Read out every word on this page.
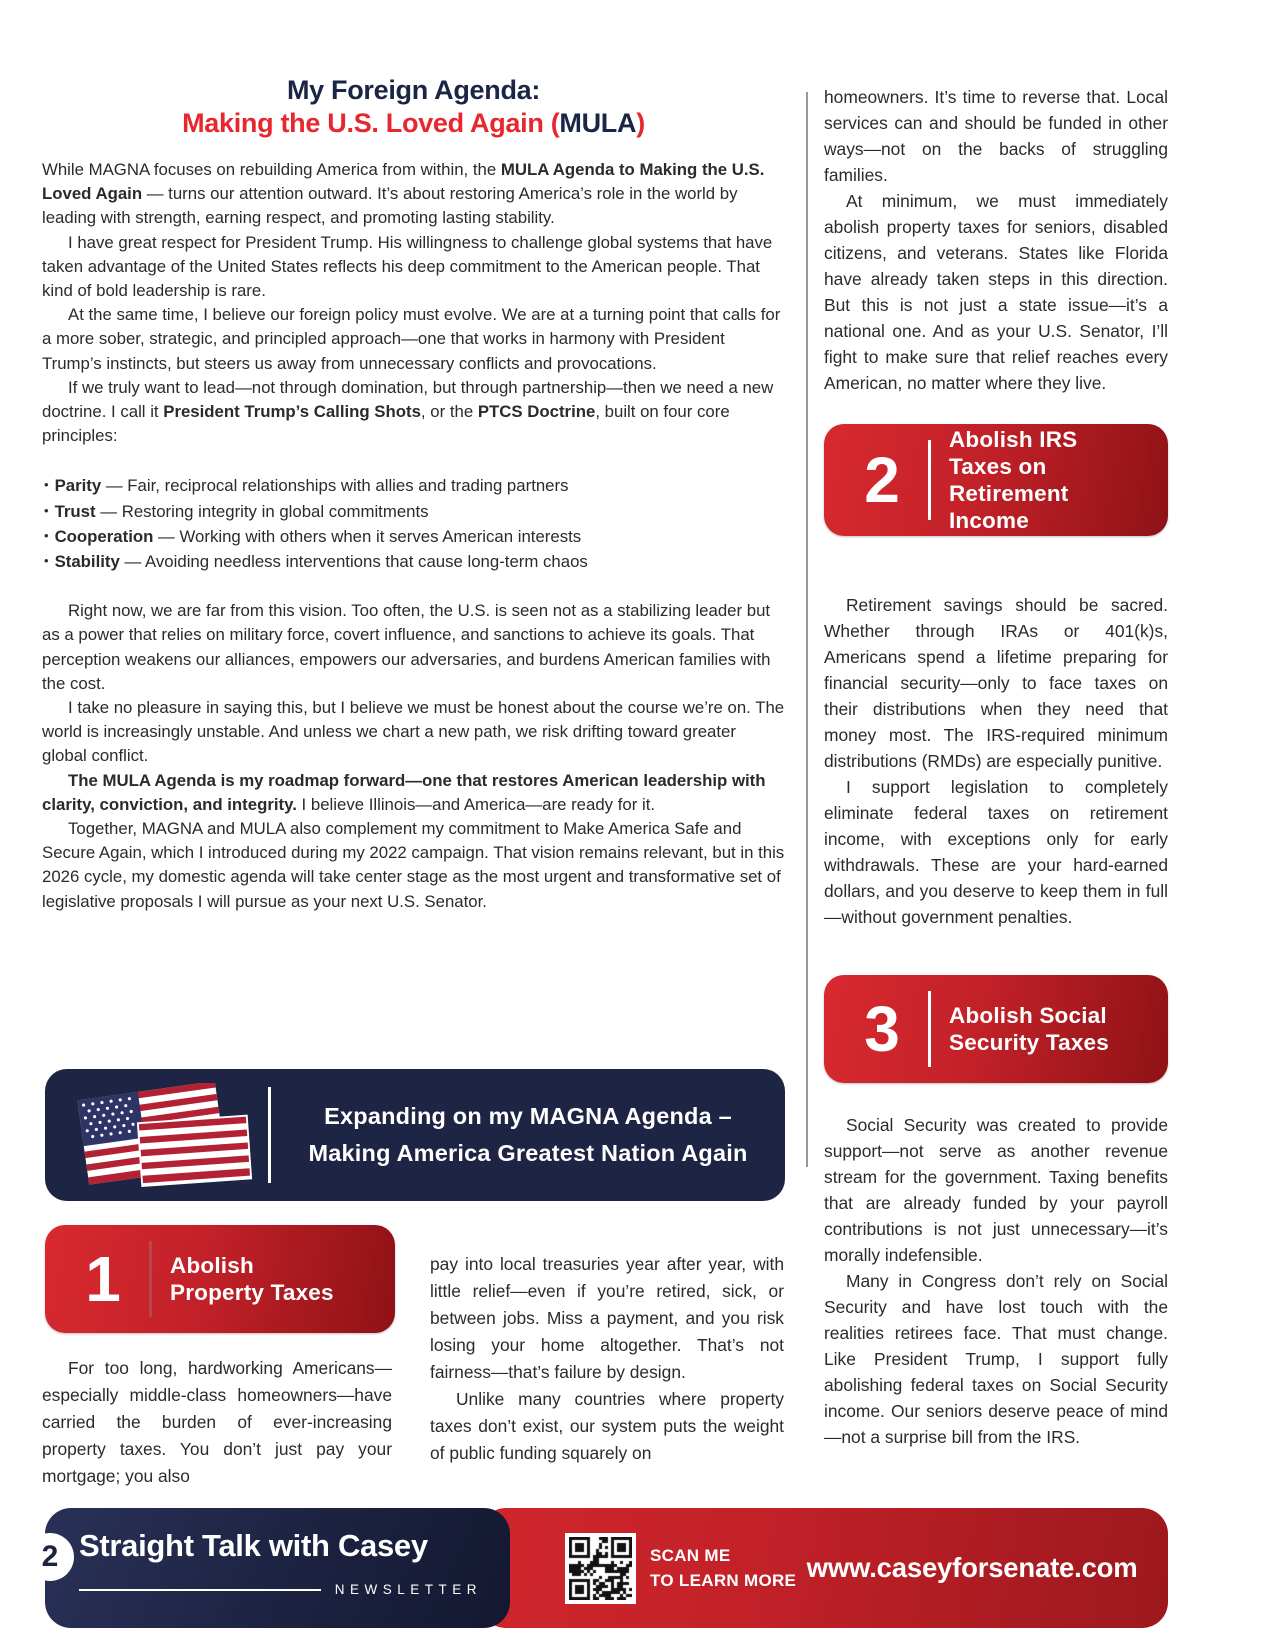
My Foreign Agenda:
Making the U.S. Loved Again (MULA)

While MAGNA focuses on rebuilding America from within, the MULA Agenda to Making the U.S. Loved Again — turns our attention outward. It’s about restoring America’s role in the world by leading with strength, earning respect, and promoting lasting stability.

I have great respect for President Trump. His willingness to challenge global systems that have taken advantage of the United States reflects his deep commitment to the American people. That kind of bold leadership is rare.

At the same time, I believe our foreign policy must evolve. We are at a turning point that calls for a more sober, strategic, and principled approach—one that works in harmony with President Trump’s instincts, but steers us away from unnecessary conflicts and provocations.

If we truly want to lead—not through domination, but through partnership—then we need a new doctrine. I call it President Trump’s Calling Shots, or the PTCS Doctrine, built on four core principles:

• Parity — Fair, reciprocal relationships with allies and trading partners
• Trust — Restoring integrity in global commitments
• Cooperation — Working with others when it serves American interests
• Stability — Avoiding needless interventions that cause long-term chaos

Right now, we are far from this vision. Too often, the U.S. is seen not as a stabilizing leader but as a power that relies on military force, covert influence, and sanctions to achieve its goals. That perception weakens our alliances, empowers our adversaries, and burdens American families with the cost.

I take no pleasure in saying this, but I believe we must be honest about the course we’re on. The world is increasingly unstable. And unless we chart a new path, we risk drifting toward greater global conflict.

The MULA Agenda is my roadmap forward—one that restores American leadership with clarity, conviction, and integrity. I believe Illinois—and America—are ready for it.

Together, MAGNA and MULA also complement my commitment to Make America Safe and Secure Again, which I introduced during my 2022 campaign. That vision remains relevant, but in this 2026 cycle, my domestic agenda will take center stage as the most urgent and transformative set of legislative proposals I will pursue as your next U.S. Senator.

homeowners. It’s time to reverse that. Local services can and should be funded in other ways—not on the backs of struggling families.

At minimum, we must immediately abolish property taxes for seniors, disabled citizens, and veterans. States like Florida have already taken steps in this direction. But this is not just a state issue—it’s a national one. And as your U.S. Senator, I’ll fight to make sure that relief reaches every American, no matter where they live.

2
Abolish IRS
Taxes on Retirement
Income

Retirement savings should be sacred. Whether through IRAs or 401(k)s, Americans spend a lifetime preparing for financial security—only to face taxes on their distributions when they need that money most. The IRS-required minimum distributions (RMDs) are especially punitive.

I support legislation to completely eliminate federal taxes on retirement income, with exceptions only for early withdrawals. These are your hard-earned dollars, and you deserve to keep them in full—without government penalties.

3	Abolish Social
Security Taxes

Social Security was created to provide support—not serve as another revenue stream for the government. Taxing benefits that are already funded by your payroll contributions is not just unnecessary—it’s morally indefensible.

Many in Congress don’t rely on Social Security and have lost touch with the realities retirees face. That must change. Like President Trump, I support fully abolishing federal taxes on Social Security income. Our seniors deserve peace of mind—not a surprise bill from the IRS.

Expanding on my MAGNA Agenda –
Making America Greatest Nation Again
1	Abolish
Property Taxes

For too long, hardworking Americans—especially middle-class homeowners—have carried the burden of ever-increasing property taxes. You don’t just pay your mortgage; you also

pay into local treasuries year after year, with little relief—even if you’re retired, sick, or between jobs. Miss a payment, and you risk losing your home altogether. That’s not fairness—that’s failure by design.

Unlike many countries where property taxes don’t exist, our system puts the weight of public funding squarely on

SCAN ME
TO LEARN MORE www.caseyforsenate.com
Straight Talk with Casey
NEWSLETTER
2
